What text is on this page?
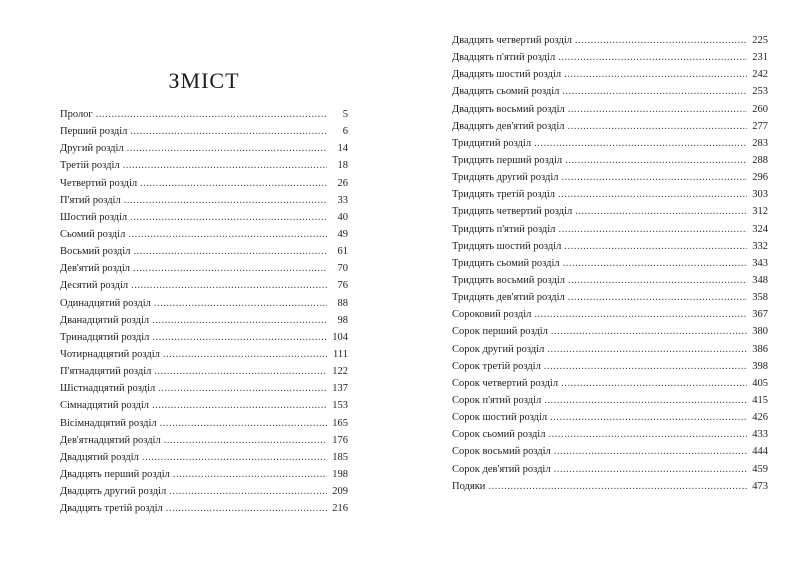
ЗМІСТ
Пролог .....	5
Перший розділ .....	6
Другий розділ .....	14
Третій розділ .....	18
Четвертий розділ .....	26
П'ятий розділ .....	33
Шостий розділ .....	40
Сьомий розділ .....	49
Восьмий розділ .....	61
Дев'ятий розділ .....	70
Десятий розділ .....	76
Одинадцятий розділ .....	88
Дванадцятий розділ .....	98
Тринадцятий розділ .....	104
Чотирнадцятий розділ .....	111
П'ятнадцятий розділ .....	122
Шістнадцятий розділ .....	137
Сімнадцятий розділ .....	153
Вісімнадцятий розділ .....	165
Дев'ятнадцятий розділ .....	176
Двадцятий розділ .....	185
Двадцять перший розділ .....	198
Двадцять другий розділ .....	209
Двадцять третій розділ .....	216
Двадцять четвертий розділ .....	225
Двадцять п'ятий розділ .....	231
Двадцять шостий розділ .....	242
Двадцять сьомий розділ .....	253
Двадцять восьмий розділ .....	260
Двадцять дев'ятий розділ .....	277
Тридцятий розділ .....	283
Тридцять перший розділ .....	288
Тридцять другий розділ .....	296
Тридцять третій розділ .....	303
Тридцять четвертий розділ .....	312
Тридцять п'ятий розділ .....	324
Тридцять шостий розділ .....	332
Тридцять сьомий розділ .....	343
Тридцять восьмий розділ .....	348
Тридцять дев'ятий розділ .....	358
Сороковий розділ .....	367
Сорок перший розділ .....	380
Сорок другий розділ .....	386
Сорок третій розділ .....	398
Сорок четвертий розділ .....	405
Сорок п'ятий розділ .....	415
Сорок шостий розділ .....	426
Сорок сьомий розділ .....	433
Сорок восьмий розділ .....	444
Сорок дев'ятий розділ .....	459
Подяки .....	473
